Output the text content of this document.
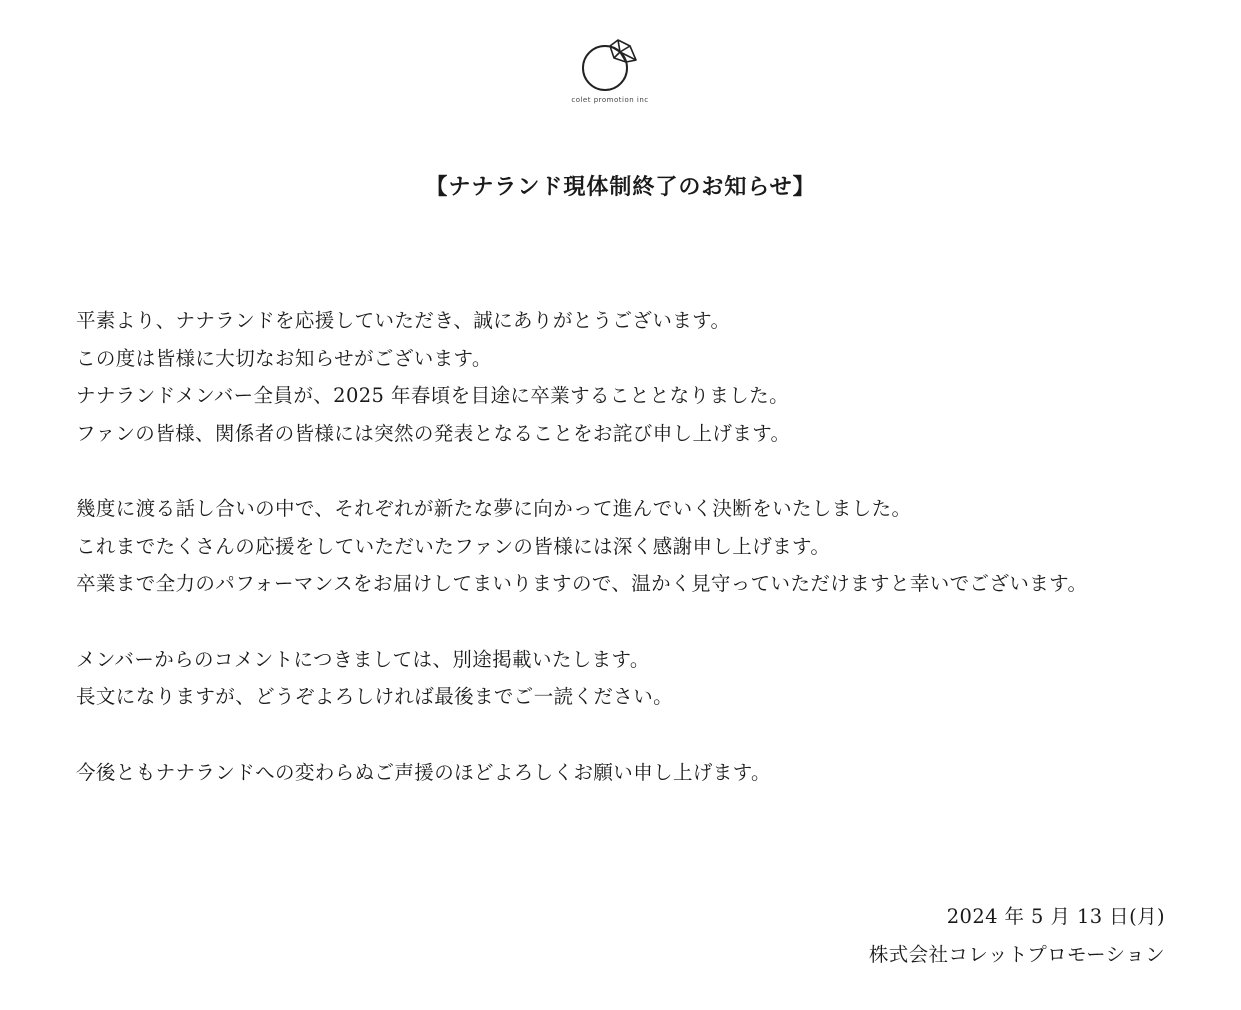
colet promotion inc
【ナナランド現体制終了のお知らせ】
平素より、ナナランドを応援していただき、誠にありがとうございます。
この度は皆様に大切なお知らせがございます。
ナナランドメンバー全員が、2025 年春頃を目途に卒業することとなりました。
ファンの皆様、関係者の皆様には突然の発表となることをお詫び申し上げます。
幾度に渡る話し合いの中で、それぞれが新たな夢に向かって進んでいく決断をいたしました。
これまでたくさんの応援をしていただいたファンの皆様には深く感謝申し上げます。
卒業まで全力のパフォーマンスをお届けしてまいりますので、温かく見守っていただけますと幸いでございます。
メンバーからのコメントにつきましては、別途掲載いたします。
長文になりますが、どうぞよろしければ最後までご一読ください。
今後ともナナランドへの変わらぬご声援のほどよろしくお願い申し上げます。
2024 年 5 月 13 日(月)
株式会社コレットプロモーション
